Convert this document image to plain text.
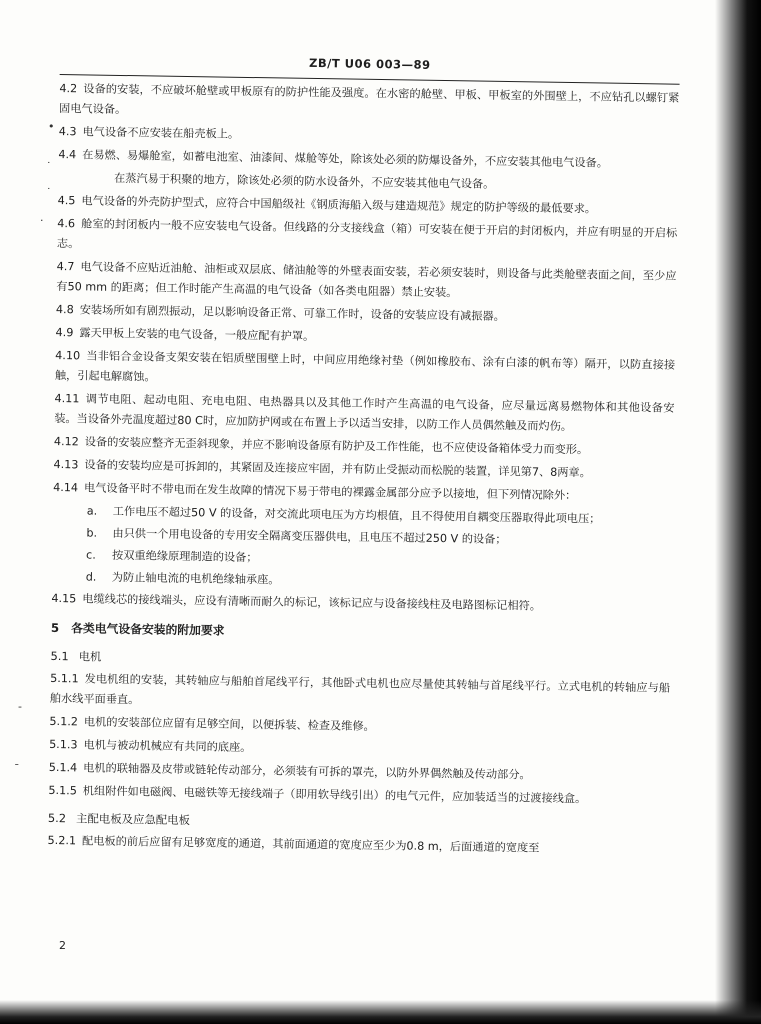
ZB/T U06 003—89

4.2 设备的安装，不应破坏舱壁或甲板原有的防护性能及强度。在水密的舱壁、甲板、甲板室的外围壁上，不应钻孔以螺钉紧固电气设备。

4.3 电气设备不应安装在船壳板上。

4.4 在易燃、易爆舱室，如蓄电池室、油漆间、煤舱等处，除该处必须的防爆设备外，不应安装其他电气设备。

在蒸汽易于积聚的地方，除该处必须的防水设备外，不应安装其他电气设备。

4.5 电气设备的外壳防护型式，应符合中国船级社《钢质海船入级与建造规范》规定的防护等级的最低要求。

4.6 舱室的封闭板内一般不应安装电气设备。但线路的分支接线盒（箱）可安装在便于开启的封闭板内，并应有明显的开启标志。

4.7 电气设备不应贴近油舱、油柜或双层底、储油舱等的外壁表面安装，若必须安装时，则设备与此类舱壁表面之间，至少应有50 mm 的距离；但工作时能产生高温的电气设备（如各类电阻器）禁止安装。

4.8 安装场所如有剧烈振动，足以影响设备正常、可靠工作时，设备的安装应设有减振器。

4.9 露天甲板上安装的电气设备，一般应配有护罩。

4.10 当非铝合金设备支架安装在铝质壁围壁上时，中间应用绝缘衬垫（例如橡胶布、涂有白漆的帆布等）隔开，以防直接接触，引起电解腐蚀。

4.11 调节电阻、起动电阻、充电电阻、电热器具以及其他工作时产生高温的电气设备，应尽量远离易燃物体和其他设备安装。当设备外壳温度超过80 C时，应加防护网或在布置上予以适当安排，以防工作人员偶然触及而灼伤。

4.12 设备的安装应整齐无歪斜现象，并应不影响设备原有防护及工作性能，也不应使设备箱体受力而变形。

4.13 设备的安装均应是可拆卸的，其紧固及连接应牢固，并有防止受振动而松脱的装置，详见第7、8两章。

4.14 电气设备平时不带电而在发生故障的情况下易于带电的裸露金属部分应予以接地，但下列情况除外：

a. 工作电压不超过50 V 的设备，对交流此项电压为方均根值，且不得使用自耦变压器取得此项电压；

b. 由只供一个用电设备的专用安全隔离变压器供电，且电压不超过250 V 的设备；

c. 按双重绝缘原理制造的设备；

d. 为防止轴电流的电机绝缘轴承座。

4.15 电缆线芯的接线端头，应设有清晰而耐久的标记，该标记应与设备接线柱及电路图标记相符。

5 各类电气设备安装的附加要求
5.1 电机

5.1.1 发电机组的安装，其转轴应与船舶首尾线平行，其他卧式电机也应尽量使其转轴与首尾线平行。立式电机的转轴应与船舶水线平面垂直。

5.1.2 电机的安装部位应留有足够空间，以便拆装、检查及维修。

5.1.3 电机与被动机械应有共同的底座。

5.1.4 电机的联轴器及皮带或链轮传动部分，必须装有可拆的罩壳，以防外界偶然触及传动部分。

5.1.5 机组附件如电磁阀、电磁铁等无接线端子（即用软导线引出）的电气元件，应加装适当的过渡接线盒。

5.2 主配电板及应急配电板

5.2.1 配电板的前后应留有足够宽度的通道，其前面通道的宽度应至少为0.8 m，后面通道的宽度至

2
•
˙
˙
·
-
ˉ
